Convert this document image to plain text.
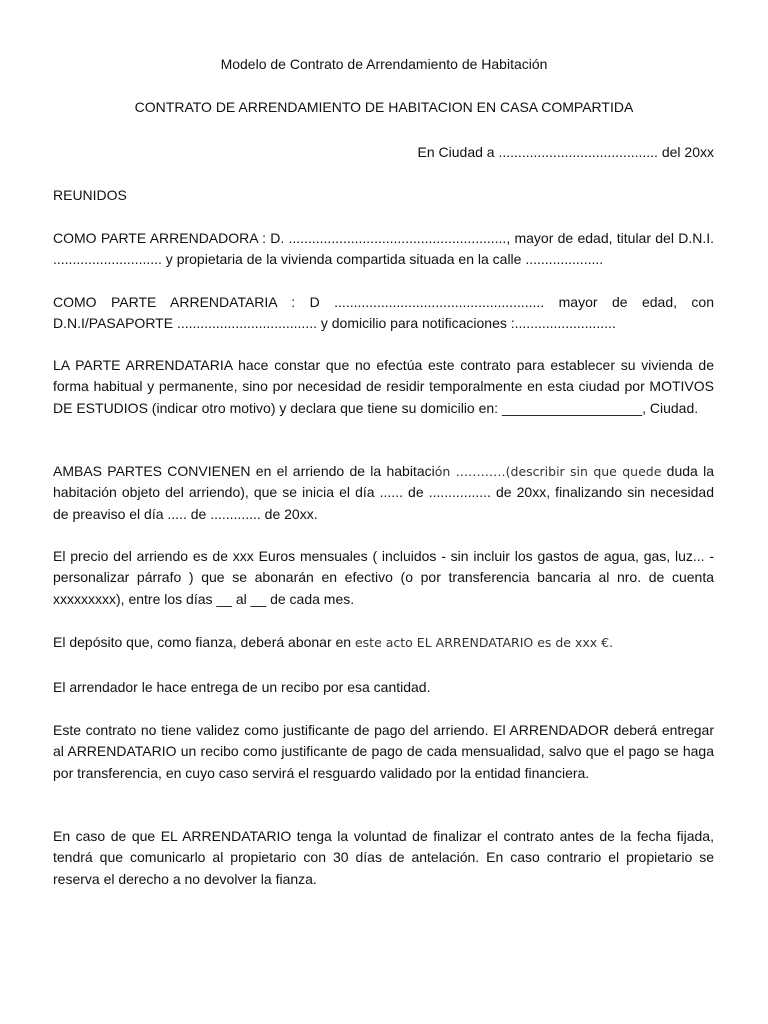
Modelo de Contrato de Arrendamiento de Habitación
CONTRATO DE ARRENDAMIENTO DE HABITACION EN CASA COMPARTIDA
En Ciudad a ......................................... del 20xx
REUNIDOS
COMO PARTE ARRENDADORA : D. ........................................................, mayor de edad, titular del D.N.I. ............................ y propietaria de la vivienda compartida situada en la calle ....................
COMO PARTE ARRENDATARIA : D ...................................................... mayor de edad, con D.N.I/PASAPORTE .................................... y domicilio para notificaciones :..........................
LA PARTE ARRENDATARIA hace constar que no efectúa este contrato para establecer su vivienda de forma habitual y permanente, sino por necesidad de residir temporalmente en esta ciudad por MOTIVOS DE ESTUDIOS (indicar otro motivo) y declara que tiene su domicilio en: __________________, Ciudad.
AMBAS PARTES CONVIENEN en el arriendo de la habitación …………(describir sin que quede duda la habitación objeto del arriendo), que se inicia el día ...... de ................ de 20xx, finalizando sin necesidad de preaviso el día ..... de ............. de 20xx.
El precio del arriendo es de xxx Euros mensuales ( incluidos - sin incluir los gastos de agua, gas, luz... - personalizar párrafo ) que se abonarán en efectivo (o por transferencia bancaria al nro. de cuenta xxxxxxxxx), entre los días __ al __ de cada mes.
El depósito que, como fianza, deberá abonar en este acto EL ARRENDATARIO es de xxx €.
El arrendador le hace entrega de un recibo por esa cantidad.
Este contrato no tiene validez como justificante de pago del arriendo. El ARRENDADOR deberá entregar al ARRENDATARIO un recibo como justificante de pago de cada mensualidad, salvo que el pago se haga por transferencia, en cuyo caso servirá el resguardo validado por la entidad financiera.
En caso de que EL ARRENDATARIO tenga la voluntad de finalizar el contrato antes de la fecha fijada, tendrá que comunicarlo al propietario con 30 días de antelación. En caso contrario el propietario se reserva el derecho a no devolver la fianza.
